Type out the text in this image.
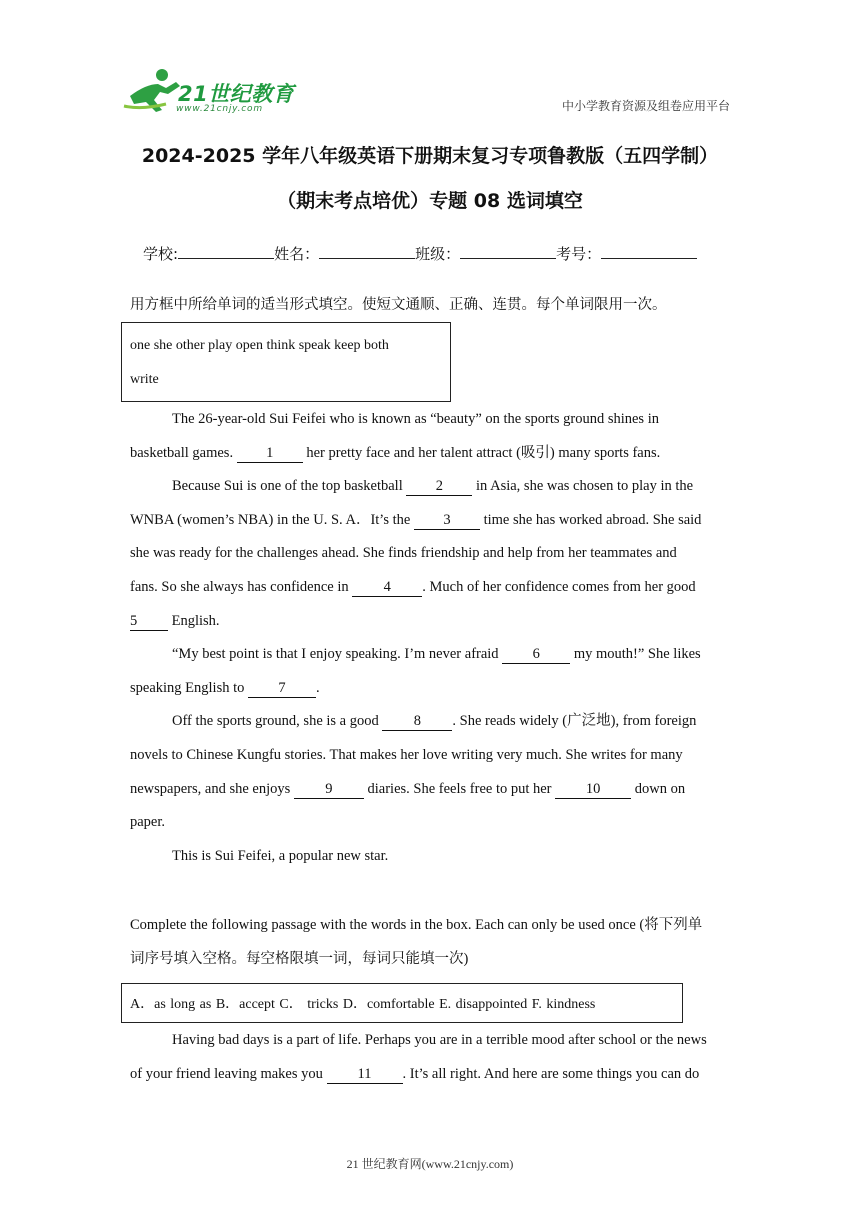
21世纪教育
www.21cnjy.com	中小学教育资源及组卷应用平台
2024-2025 学年八年级英语下册期末复习专项鲁教版（五四学制）
（期末考点培优）专题 08 选词填空
学校:	姓名：	班级：	考号：
用方框中所给单词的适当形式填空。使短文通顺、正确、连贯。每个单词限用一次。
one she other play open think speak keep both
write
The 26-year-old Sui Feifei who is known as “beauty” on the sports ground shines in
basketball games. 1 her pretty face and her talent attract (吸引) many sports fans.
Because Sui is one of the top basketball 2 in Asia, she was chosen to play in the
WNBA (women’s NBA) in the U. S. A．It’s the 3 time she has worked abroad. She said
she was ready for the challenges ahead. She finds friendship and help from her teammates and
fans. So she always has confidence in 4 . Much of her confidence comes from her good
5 English.
“My best point is that I enjoy speaking. I’m never afraid 6 my mouth!” She likes
speaking English to 7 .
Off the sports ground, she is a good 8 . She reads widely (广泛地), from foreign
novels to Chinese Kungfu stories. That makes her love writing very much. She writes for many
newspapers, and she enjoys 9 diaries. She feels free to put her 10 down on
paper.
This is Sui Feifei, a popular new star.
Complete the following passage with the words in the box. Each can only be used once (将下列单
词序号填入空格。每空格限填一词，每词只能填一次)
A．as long as B．accept C． tricks D．comfortable E. disappointed F. kindness
Having bad days is a part of life. Perhaps you are in a terrible mood after school or the news
of your friend leaving makes you 11 . It’s all right. And here are some things you can do
21 世纪教育网(www.21cnjy.com)
